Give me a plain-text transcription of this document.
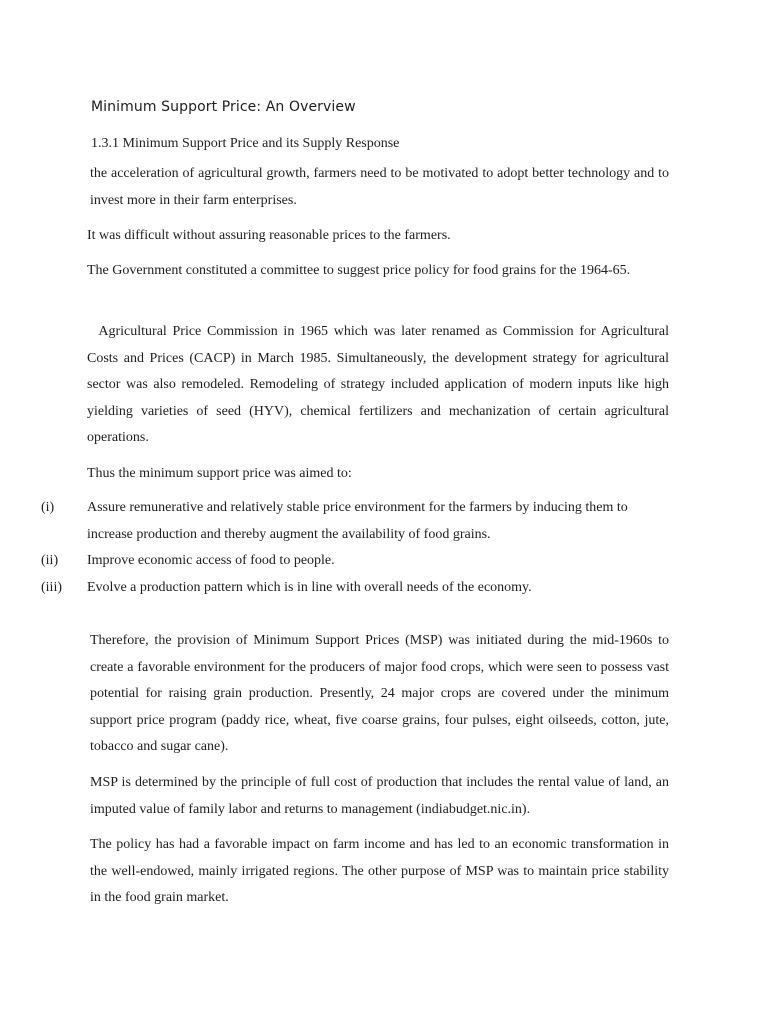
Minimum Support Price: An Overview
1.3.1 Minimum Support Price and its Supply Response

the acceleration of agricultural growth, farmers need to be motivated to adopt better technology and to invest more in their farm enterprises.

It was difficult without assuring reasonable prices to the farmers.

The Government constituted a committee to suggest price policy for food grains for the 1964-65.

Agricultural Price Commission in 1965 which was later renamed as Commission for Agricultural Costs and Prices (CACP) in March 1985. Simultaneously, the development strategy for agricultural sector was also remodeled. Remodeling of strategy included application of modern inputs like high yielding varieties of seed (HYV), chemical fertilizers and mechanization of certain agricultural operations.

Thus the minimum support price was aimed to:

(i)	Assure remunerative and relatively stable price environment for the farmers by inducing them to increase production and thereby augment the availability of food grains.
(ii)	Improve economic access of food to people.
(iii)	Evolve a production pattern which is in line with overall needs of the economy.

Therefore, the provision of Minimum Support Prices (MSP) was initiated during the mid-1960s to create a favorable environment for the producers of major food crops, which were seen to possess vast potential for raising grain production. Presently, 24 major crops are covered under the minimum support price program (paddy rice, wheat, five coarse grains, four pulses, eight oilseeds, cotton, jute, tobacco and sugar cane).

MSP is determined by the principle of full cost of production that includes the rental value of land, an imputed value of family labor and returns to management (indiabudget.nic.in).

The policy has had a favorable impact on farm income and has led to an economic transformation in the well-endowed, mainly irrigated regions. The other purpose of MSP was to maintain price stability in the food grain market.
